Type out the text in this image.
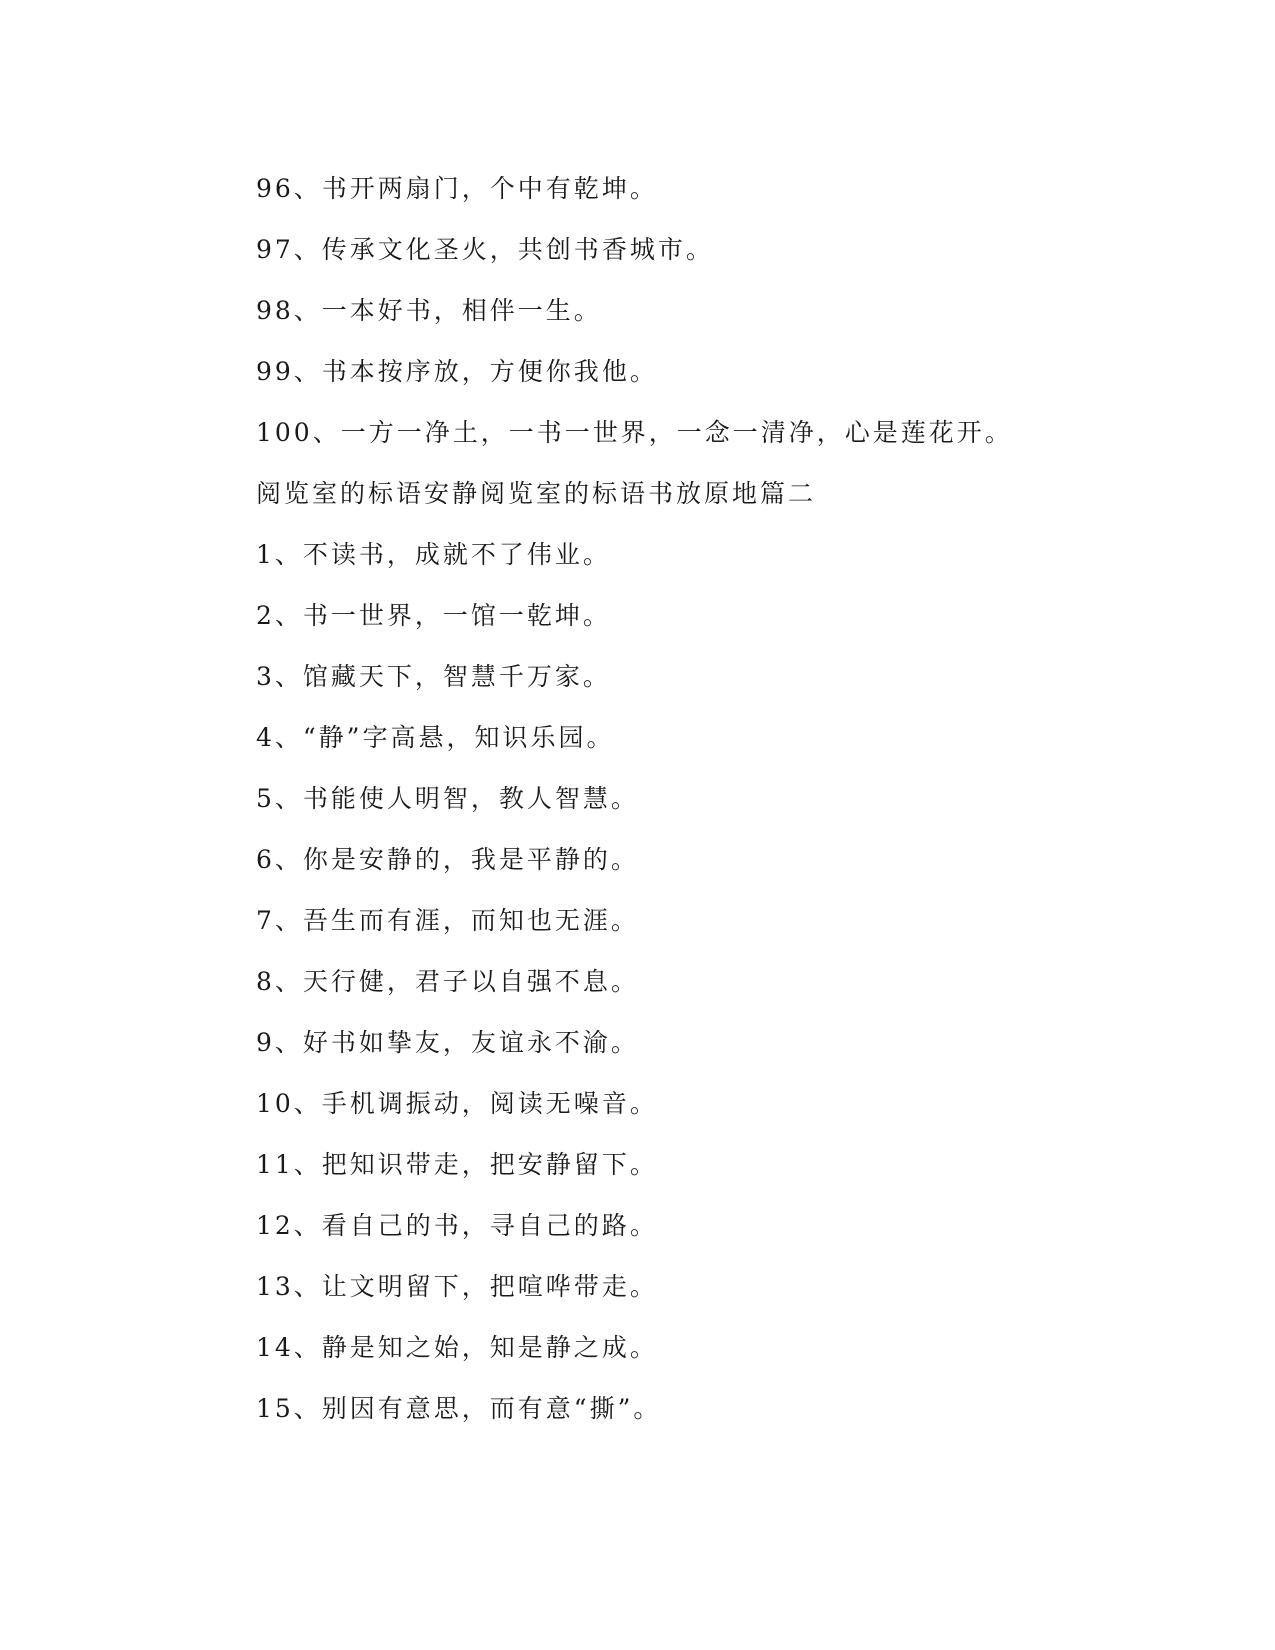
96、书开两扇门，个中有乾坤。
97、传承文化圣火，共创书香城市。
98、一本好书，相伴一生。
99、书本按序放，方便你我他。
100、一方一净土，一书一世界，一念一清净，心是莲花开。
阅览室的标语安静阅览室的标语书放原地篇二
1、不读书，成就不了伟业。
2、书一世界，一馆一乾坤。
3、馆藏天下，智慧千万家。
4、“静”字高悬，知识乐园。
5、书能使人明智，教人智慧。
6、你是安静的，我是平静的。
7、吾生而有涯，而知也无涯。
8、天行健，君子以自强不息。
9、好书如挚友，友谊永不渝。
10、手机调振动，阅读无噪音。
11、把知识带走，把安静留下。
12、看自己的书，寻自己的路。
13、让文明留下，把喧哗带走。
14、静是知之始，知是静之成。
15、别因有意思，而有意“撕”。
